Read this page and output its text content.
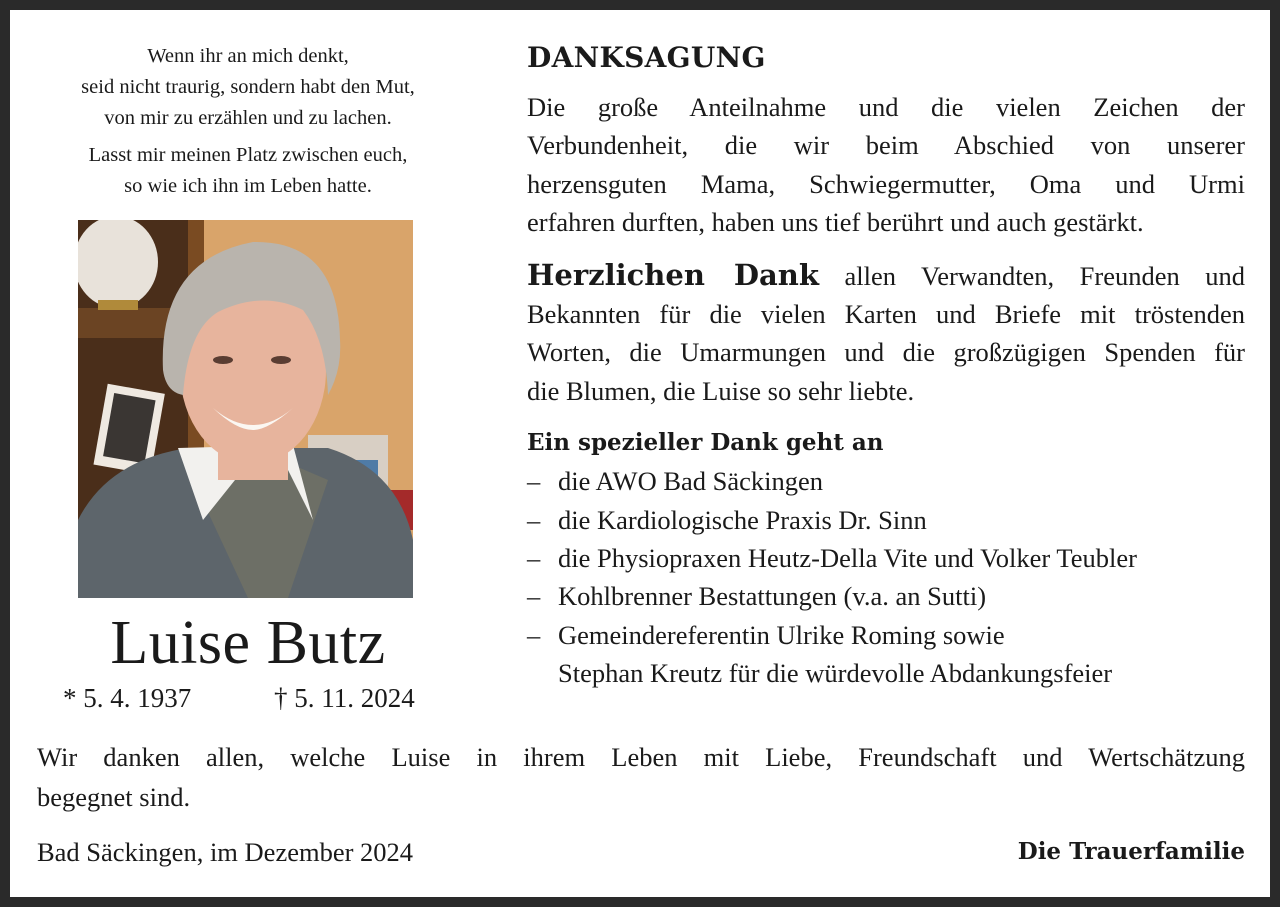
Wenn ihr an mich denkt,
seid nicht traurig, sondern habt den Mut,
von mir zu erzählen und zu lachen.
Lasst mir meinen Platz zwischen euch,
so wie ich ihn im Leben hatte.
Luise Butz
* 5. 4. 1937	† 5. 11. 2024
DANKSAGUNG
Die große Anteilnahme und die vielen Zeichen der
Verbundenheit, die wir beim Abschied von unserer
herzensguten Mama, Schwiegermutter, Oma und Urmi
erfahren durften, haben uns tief berührt und auch gestärkt.
Herzlichen Dank allen Verwandten, Freunden und
Bekannten für die vielen Karten und Briefe mit tröstenden
Worten, die Umarmungen und die großzügigen Spenden für
die Blumen, die Luise so sehr liebte.
Ein spezieller Dank geht an
– die AWO Bad Säckingen
– die Kardiologische Praxis Dr. Sinn
– die Physiopraxen Heutz-Della Vite und Volker Teubler
– Kohlbrenner Bestattungen (v.a. an Sutti)
– Gemeindereferentin Ulrike Roming sowie
Stephan Kreutz für die würdevolle Abdankungsfeier
Wir danken allen, welche Luise in ihrem Leben mit Liebe, Freundschaft und Wertschätzung
begegnet sind.
Bad Säckingen, im Dezember 2024	Die Trauerfamilie
